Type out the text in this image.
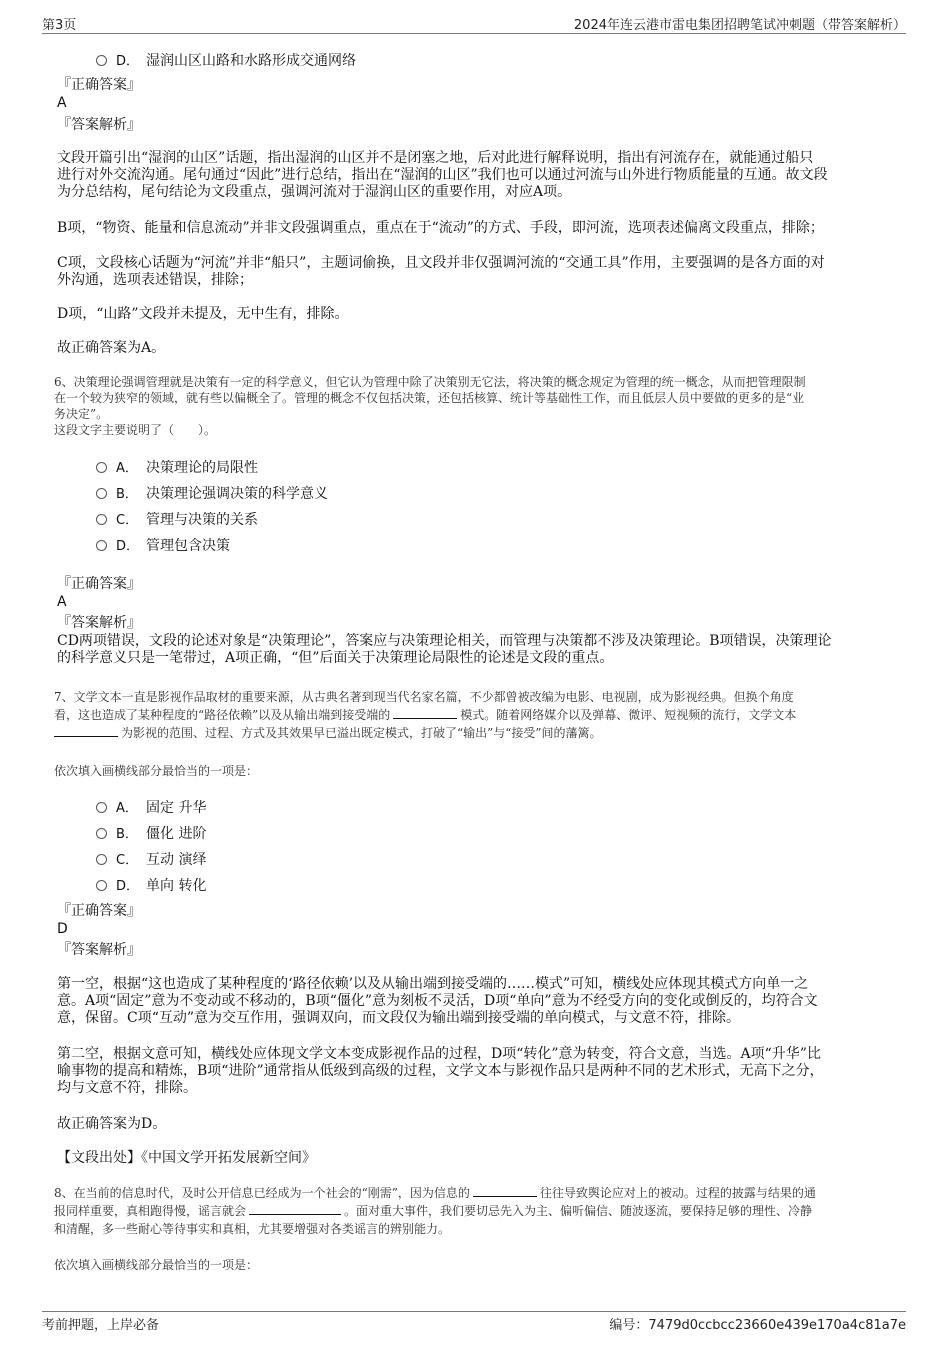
第3页	2024年连云港市雷电集团招聘笔试冲刺题（带答案解析）
D． 湿润山区山路和水路形成交通网络
『正确答案』
A
『答案解析』
文段开篇引出“湿润的山区”话题，指出湿润的山区并不是闭塞之地，后对此进行解释说明，指出有河流存在，就能通过船只
进行对外交流沟通。尾句通过“因此”进行总结，指出在“湿润的山区”我们也可以通过河流与山外进行物质能量的互通。故文段
为分总结构，尾句结论为文段重点，强调河流对于湿润山区的重要作用，对应A项。
B项，“物资、能量和信息流动”并非文段强调重点，重点在于“流动”的方式、手段，即河流，选项表述偏离文段重点，排除；
C项，文段核心话题为“河流”并非“船只”，主题词偷换，且文段并非仅强调河流的“交通工具”作用，主要强调的是各方面的对
外沟通，选项表述错误，排除；
D项，“山路”文段并未提及，无中生有，排除。
故正确答案为A。
6、决策理论强调管理就是决策有一定的科学意义，但它认为管理中除了决策别无它法，将决策的概念规定为管理的统一概念，从而把管理限制
在一个较为狭窄的领域，就有些以偏概全了。管理的概念不仅包括决策，还包括核算、统计等基础性工作，而且低层人员中要做的更多的是“业
务决定”。
这段文字主要说明了（　　）。
A． 决策理论的局限性
B． 决策理论强调决策的科学意义
C． 管理与决策的关系
D． 管理包含决策
『正确答案』
A
『答案解析』
CD两项错误，文段的论述对象是“决策理论”，答案应与决策理论相关，而管理与决策都不涉及决策理论。B项错误，决策理论
的科学意义只是一笔带过，A项正确，“但”后面关于决策理论局限性的论述是文段的重点。
7、文学文本一直是影视作品取材的重要来源，从古典名著到现当代名家名篇，不少都曾被改编为电影、电视剧，成为影视经典。但换个角度
看，这也造成了某种程度的“路径依赖”以及从输出端到接受端的	模式。随着网络媒介以及弹幕、微评、短视频的流行，文学文本
为影视的范围、过程、方式及其效果早已溢出既定模式，打破了“输出”与“接受”间的藩篱。
依次填入画横线部分最恰当的一项是：
A． 固定 升华
B． 僵化 进阶
C． 互动 演绎
D． 单向 转化
『正确答案』
D
『答案解析』
第一空，根据“这也造成了某种程度的‘路径依赖’以及从输出端到接受端的……模式”可知，横线处应体现其模式方向单一之
意。A项“固定”意为不变动或不移动的，B项“僵化”意为刻板不灵活，D项“单向”意为不经受方向的变化或倒反的，均符合文
意，保留。C项“互动”意为交互作用，强调双向，而文段仅为输出端到接受端的单向模式，与文意不符，排除。
第二空，根据文意可知，横线处应体现文学文本变成影视作品的过程，D项“转化”意为转变，符合文意，当选。A项“升华”比
喻事物的提高和精炼，B项“进阶”通常指从低级到高级的过程，文学文本与影视作品只是两种不同的艺术形式，无高下之分，
均与文意不符，排除。
故正确答案为D。
【文段出处】《中国文学开拓发展新空间》
8、在当前的信息时代，及时公开信息已经成为一个社会的“刚需”，因为信息的	往往导致舆论应对上的被动。过程的披露与结果的通
报同样重要，真相跑得慢，谣言就会	。面对重大事件，我们要切忌先入为主、偏听偏信、随波逐流，要保持足够的理性、冷静
和清醒，多一些耐心等待事实和真相，尤其要增强对各类谣言的辨别能力。
依次填入画横线部分最恰当的一项是：
考前押题，上岸必备	编号：7479d0ccbcc23660e439e170a4c81a7e
